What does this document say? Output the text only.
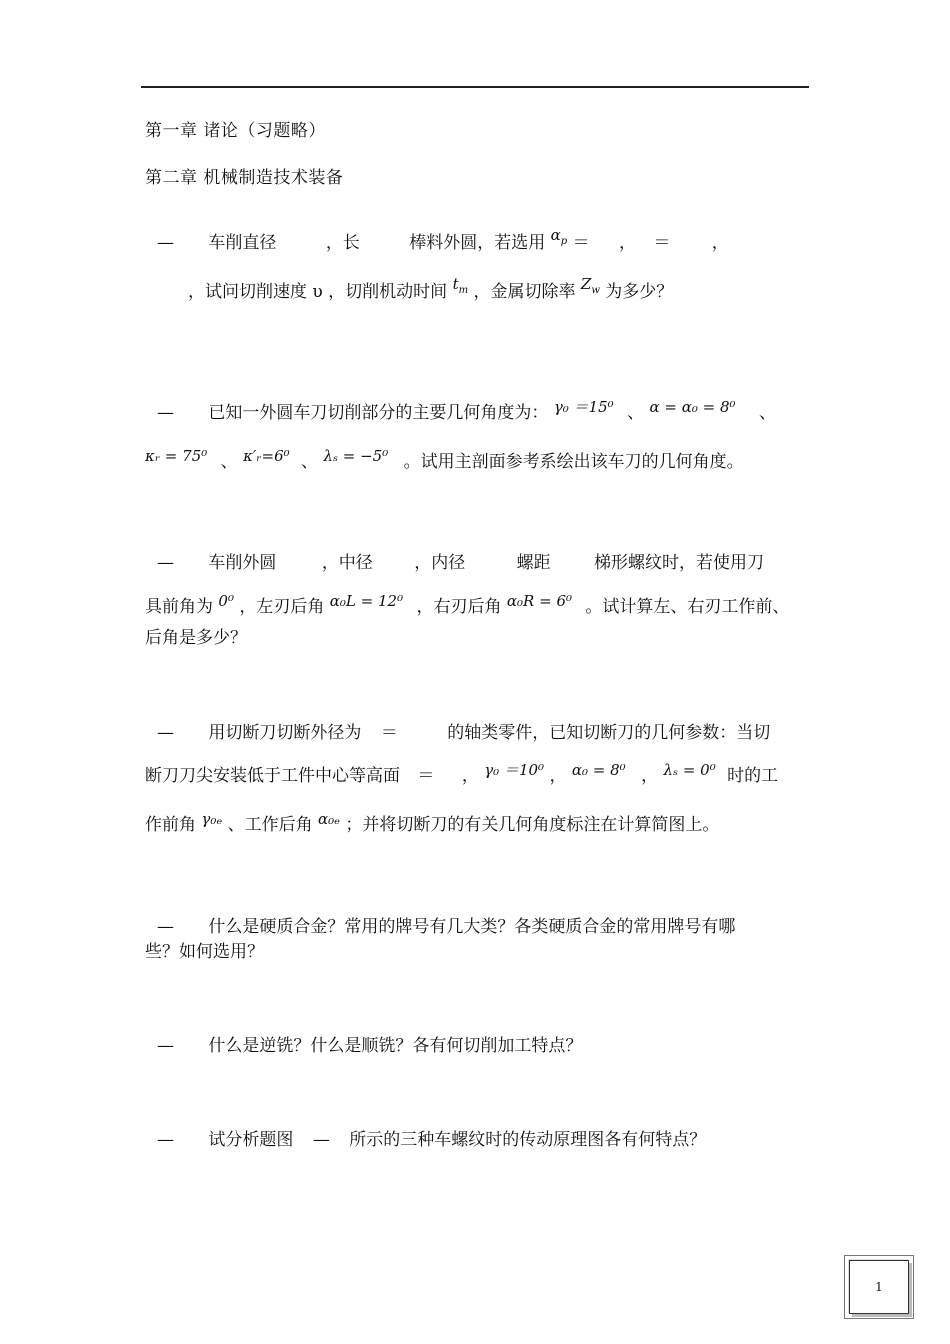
第一章 诸论（习题略）
第二章 机械制造技术装备
— 车削直径	，长	棒料外圆，若选用 $\alpha_p$ ＝ ， ＝ ，
，试问切削速度 υ ，切削机动时间 $t_m$ ，金属切除率 $Z_w$ 为多少？
— 已知一外圆车刀切削部分的主要几何角度为： γ₀ ＝15⁰ 、 α = α₀ = 8⁰ 、
κᵣ = 75⁰ 、 κ′ᵣ=6⁰ 、 λₛ = −5⁰ 。试用主剖面参考系绘出该车刀的几何角度。
— 车削外圆	，中径 ，内径	螺距	梯形螺纹时，若使用刀
具前角为 0⁰ ，左刃后角 α₀L = 12⁰ ，右刃后角 α₀R = 6⁰ 。试计算左、右刃工作前、
后角是多少？
— 用切断刀切断外径为 ＝	的轴类零件，已知切断刀的几何参数：当切
断刀刀尖安装低于工件中心等高面 ＝ ， γ₀ ＝10⁰ ， α₀ = 8⁰ ， λₛ = 0⁰ 时的工
作前角 γ₀ₑ 、工作后角 α₀ₑ ；并将切断刀的有关几何角度标注在计算简图上。
— 什么是硬质合金？常用的牌号有几大类？各类硬质合金的常用牌号有哪
些？如何选用？
— 什么是逆铣？什么是顺铣？各有何切削加工特点？
— 试分析题图 — 所示的三种车螺纹时的传动原理图各有何特点？
1
